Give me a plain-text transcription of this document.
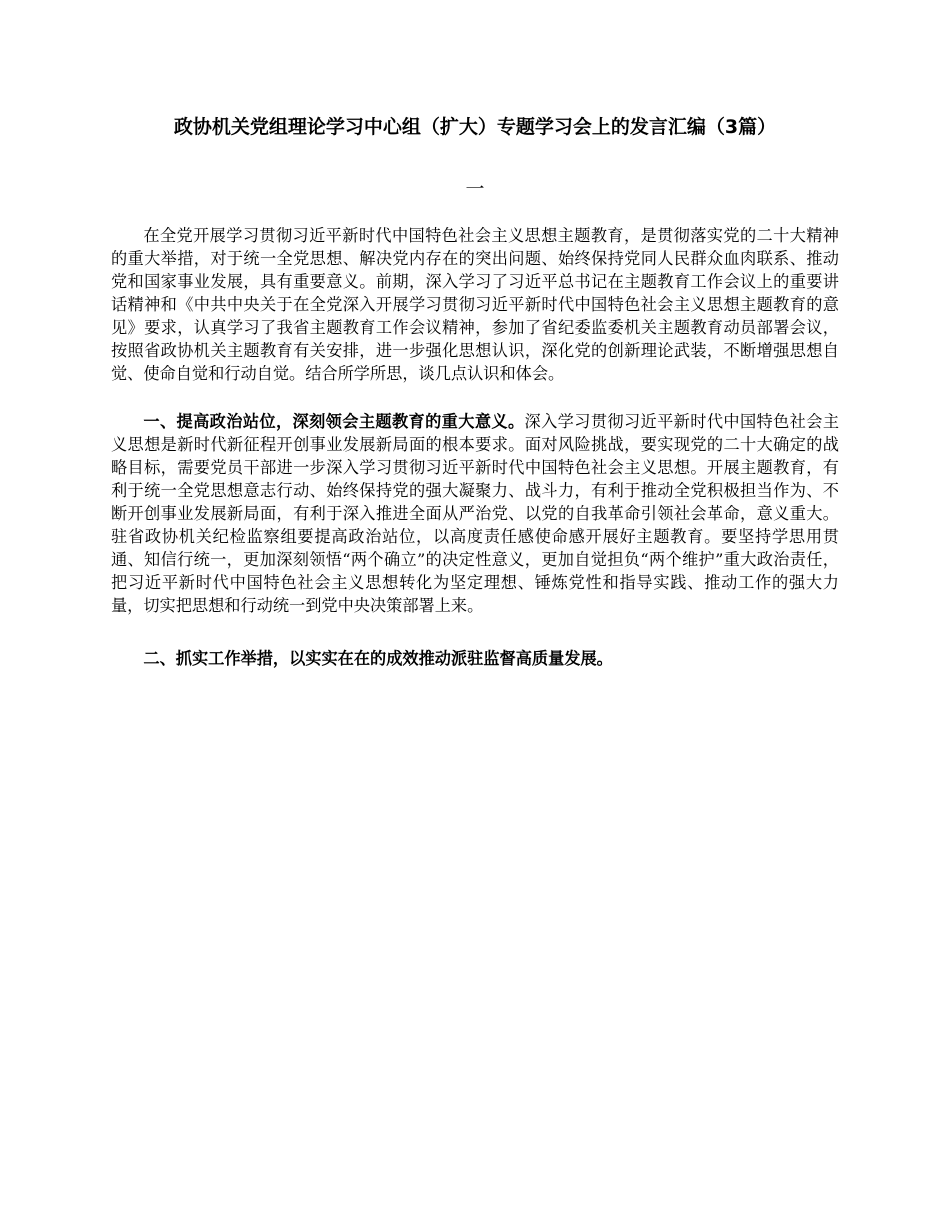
政协机关党组理论学习中心组（扩大）专题学习会上的发言汇编（3篇）
一

在全党开展学习贯彻习近平新时代中国特色社会主义思想主题教育，是贯彻落实党的二十大精神的重大举措，对于统一全党思想、解决党内存在的突出问题、始终保持党同人民群众血肉联系、推动党和国家事业发展，具有重要意义。前期，深入学习了习近平总书记在主题教育工作会议上的重要讲话精神和《中共中央关于在全党深入开展学习贯彻习近平新时代中国特色社会主义思想主题教育的意见》要求，认真学习了我省主题教育工作会议精神，参加了省纪委监委机关主题教育动员部署会议，按照省政协机关主题教育有关安排，进一步强化思想认识，深化党的创新理论武装，不断增强思想自觉、使命自觉和行动自觉。结合所学所思，谈几点认识和体会。

一、提高政治站位，深刻领会主题教育的重大意义。深入学习贯彻习近平新时代中国特色社会主义思想是新时代新征程开创事业发展新局面的根本要求。面对风险挑战，要实现党的二十大确定的战略目标，需要党员干部进一步深入学习贯彻习近平新时代中国特色社会主义思想。开展主题教育，有利于统一全党思想意志行动、始终保持党的强大凝聚力、战斗力，有利于推动全党积极担当作为、不断开创事业发展新局面，有利于深入推进全面从严治党、以党的自我革命引领社会革命，意义重大。驻省政协机关纪检监察组要提高政治站位，以高度责任感使命感开展好主题教育。要坚持学思用贯通、知信行统一，更加深刻领悟“两个确立”的决定性意义，更加自觉担负“两个维护”重大政治责任，把习近平新时代中国特色社会主义思想转化为坚定理想、锤炼党性和指导实践、推动工作的强大力量，切实把思想和行动统一到党中央决策部署上来。

二、抓实工作举措，以实实在在的成效推动派驻监督高质量发展。
